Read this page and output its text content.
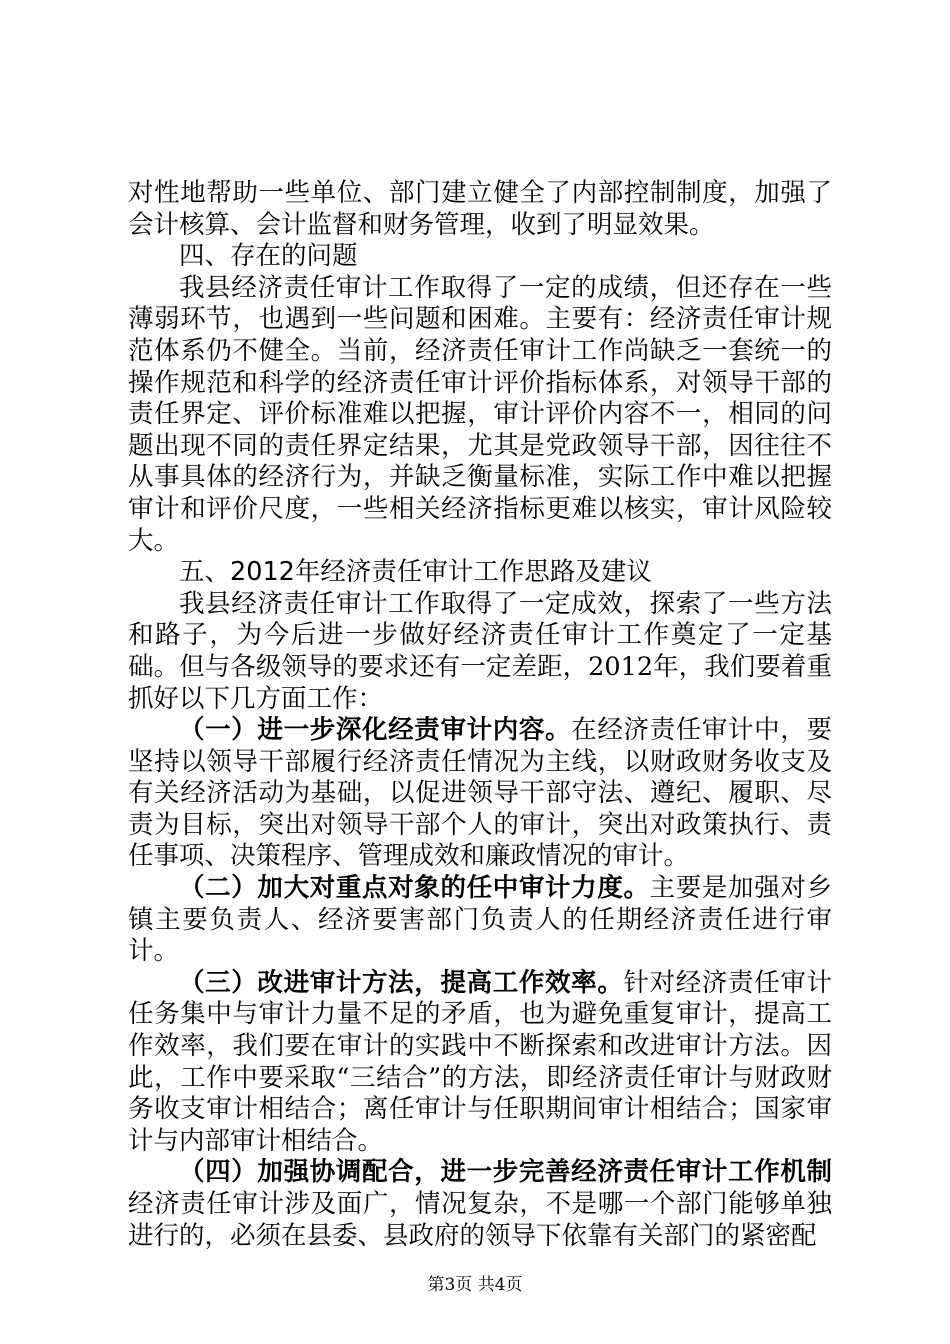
对性地帮助一些单位、部门建立健全了内部控制制度，加强了会计核算、会计监督和财务管理，收到了明显效果。

四、存在的问题

我县经济责任审计工作取得了一定的成绩，但还存在一些薄弱环节，也遇到一些问题和困难。主要有：经济责任审计规范体系仍不健全。当前，经济责任审计工作尚缺乏一套统一的操作规范和科学的经济责任审计评价指标体系，对领导干部的责任界定、评价标准难以把握，审计评价内容不一，相同的问题出现不同的责任界定结果，尤其是党政领导干部，因往往不从事具体的经济行为，并缺乏衡量标准，实际工作中难以把握审计和评价尺度，一些相关经济指标更难以核实，审计风险较大。

五、2012年经济责任审计工作思路及建议

我县经济责任审计工作取得了一定成效，探索了一些方法和路子，为今后进一步做好经济责任审计工作奠定了一定基础。但与各级领导的要求还有一定差距，2012年，我们要着重抓好以下几方面工作：

（一）进一步深化经责审计内容。在经济责任审计中，要坚持以领导干部履行经济责任情况为主线，以财政财务收支及有关经济活动为基础，以促进领导干部守法、遵纪、履职、尽责为目标，突出对领导干部个人的审计，突出对政策执行、责任事项、决策程序、管理成效和廉政情况的审计。

（二）加大对重点对象的任中审计力度。主要是加强对乡镇主要负责人、经济要害部门负责人的任期经济责任进行审计。

（三）改进审计方法，提高工作效率。针对经济责任审计任务集中与审计力量不足的矛盾，也为避免重复审计，提高工作效率，我们要在审计的实践中不断探索和改进审计方法。因此，工作中要采取“三结合”的方法，即经济责任审计与财政财务收支审计相结合；离任审计与任职期间审计相结合；国家审计与内部审计相结合。

（四）加强协调配合，进一步完善经济责任审计工作机制经济责任审计涉及面广，情况复杂，不是哪一个部门能够单独进行的，必须在县委、县政府的领导下依靠有关部门的紧密配

第3页 共4页
